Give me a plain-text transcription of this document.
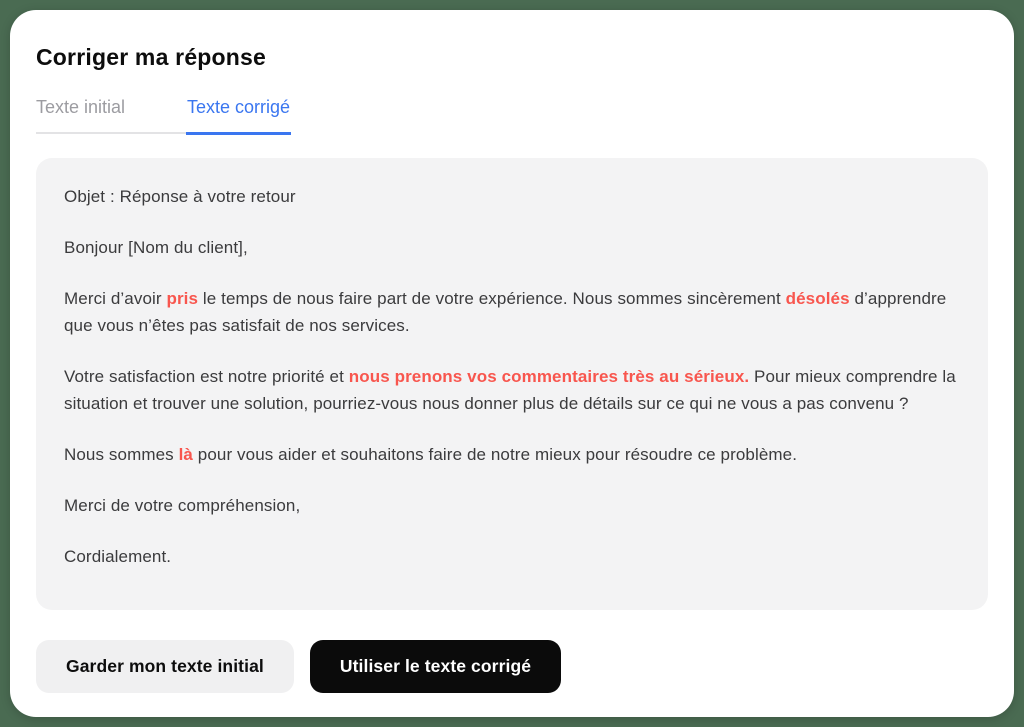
Corriger ma réponse
Texte initial	Texte corrigé

Objet : Réponse à votre retour

Bonjour [Nom du client],

Merci d’avoir pris le temps de nous faire part de votre expérience. Nous sommes sincèrement désolés d’apprendre que vous n’êtes pas satisfait de nos services.

Votre satisfaction est notre priorité et nous prenons vos commentaires très au sérieux. Pour mieux comprendre la situation et trouver une solution, pourriez-vous nous donner plus de détails sur ce qui ne vous a pas convenu ?

Nous sommes là pour vous aider et souhaitons faire de notre mieux pour résoudre ce problème.

Merci de votre compréhension,

Cordialement.

Garder mon texte initial	Utiliser le texte corrigé
